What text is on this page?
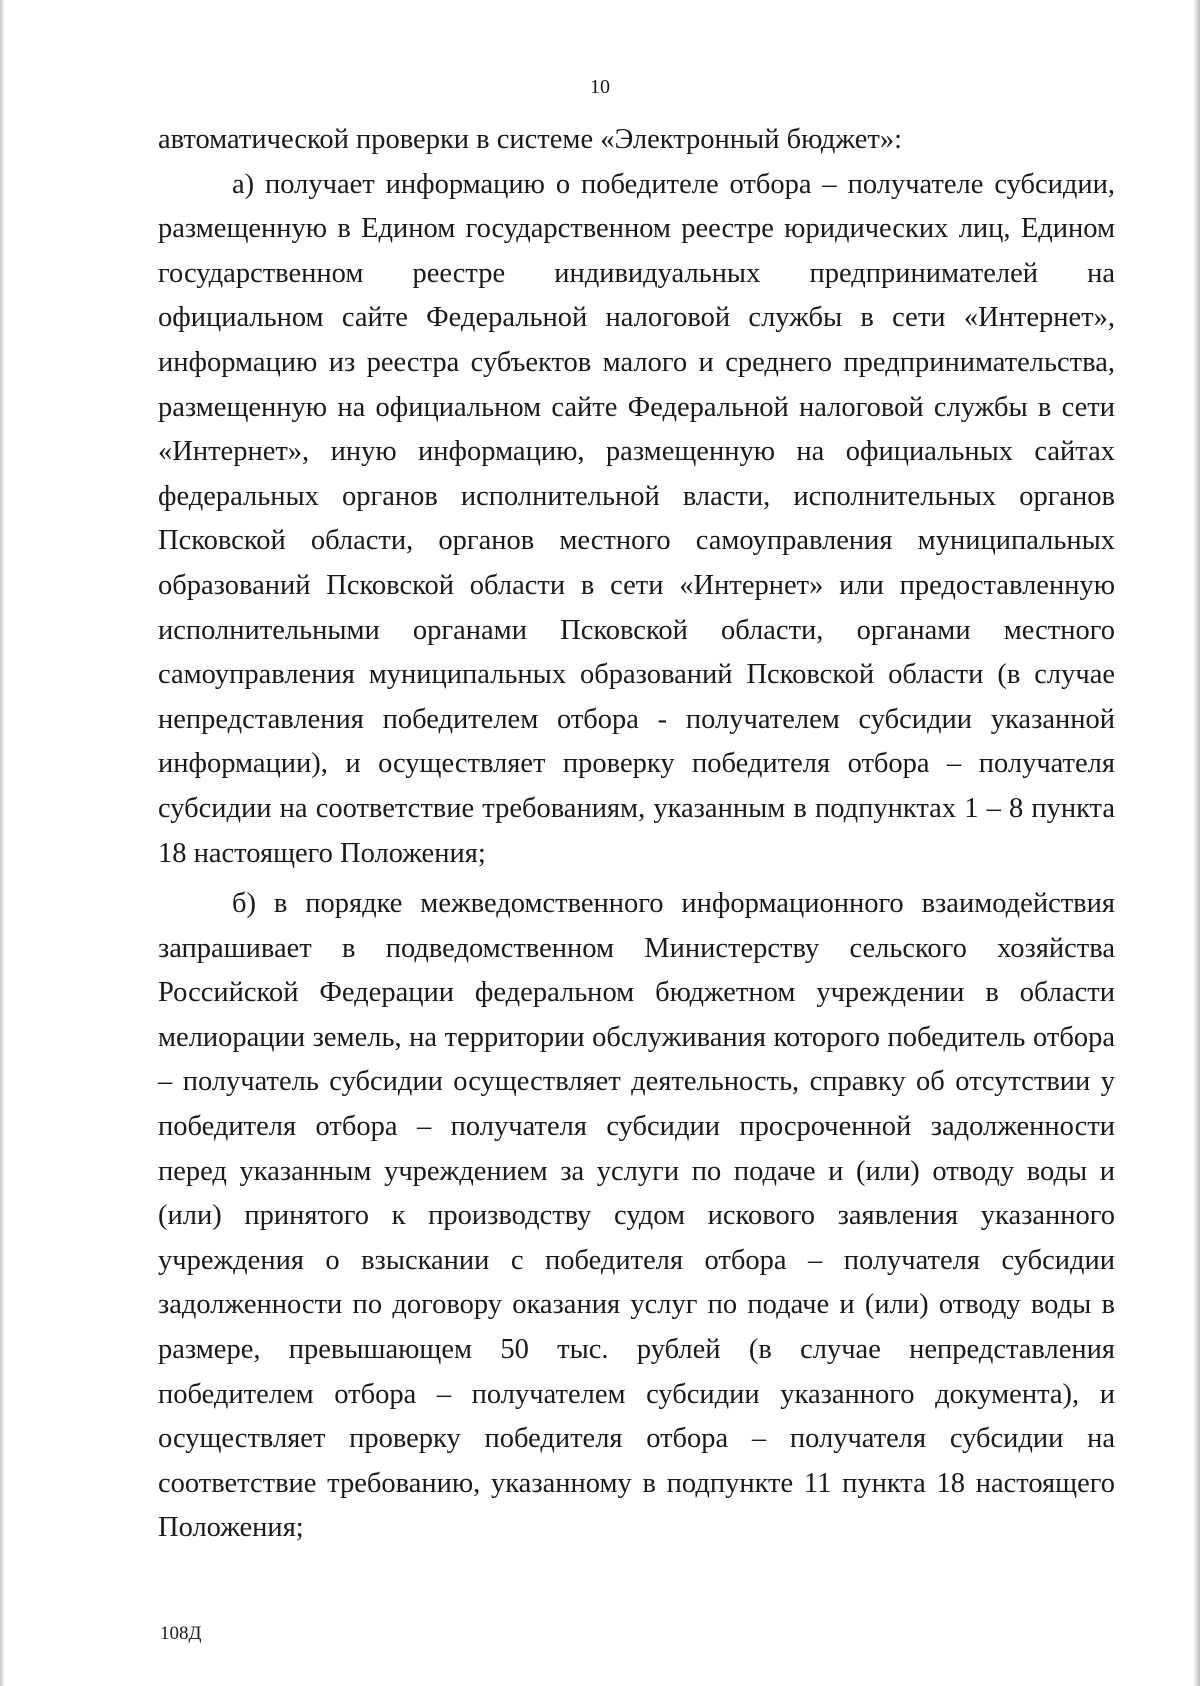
10

автоматической проверки в системе «Электронный бюджет»:

а) получает информацию о победителе отбора – получателе субсидии, размещенную в Едином государственном реестре юридических лиц, Едином государственном реестре индивидуальных предпринимателей на официальном сайте Федеральной налоговой службы в сети «Интернет», информацию из реестра субъектов малого и среднего предпринимательства, размещенную на официальном сайте Федеральной налоговой службы в сети «Интернет», иную информацию, размещенную на официальных сайтах федеральных органов исполнительной власти, исполнительных органов Псковской области, органов местного самоуправления муниципальных образований Псковской области в сети «Интернет» или предоставленную исполнительными органами Псковской области, органами местного самоуправления муниципальных образований Псковской области (в случае непредставления победителем отбора - получателем субсидии указанной информации), и осуществляет проверку победителя отбора – получателя субсидии на соответствие требованиям, указанным в подпунктах 1 – 8 пункта 18 настоящего Положения;

б) в порядке межведомственного информационного взаимодействия запрашивает в подведомственном Министерству сельского хозяйства Российской Федерации федеральном бюджетном учреждении в области мелиорации земель, на территории обслуживания которого победитель отбора – получатель субсидии осуществляет деятельность, справку об отсутствии у победителя отбора – получателя субсидии просроченной задолженности перед указанным учреждением за услуги по подаче и (или) отводу воды и (или) принятого к производству судом искового заявления указанного учреждения о взыскании с победителя отбора – получателя субсидии задолженности по договору оказания услуг по подаче и (или) отводу воды в размере, превышающем 50 тыс. рублей (в случае непредставления победителем отбора – получателем субсидии указанного документа), и осуществляет проверку победителя отбора – получателя субсидии на соответствие требованию, указанному в подпункте 11 пункта 18 настоящего Положения;

108Д
